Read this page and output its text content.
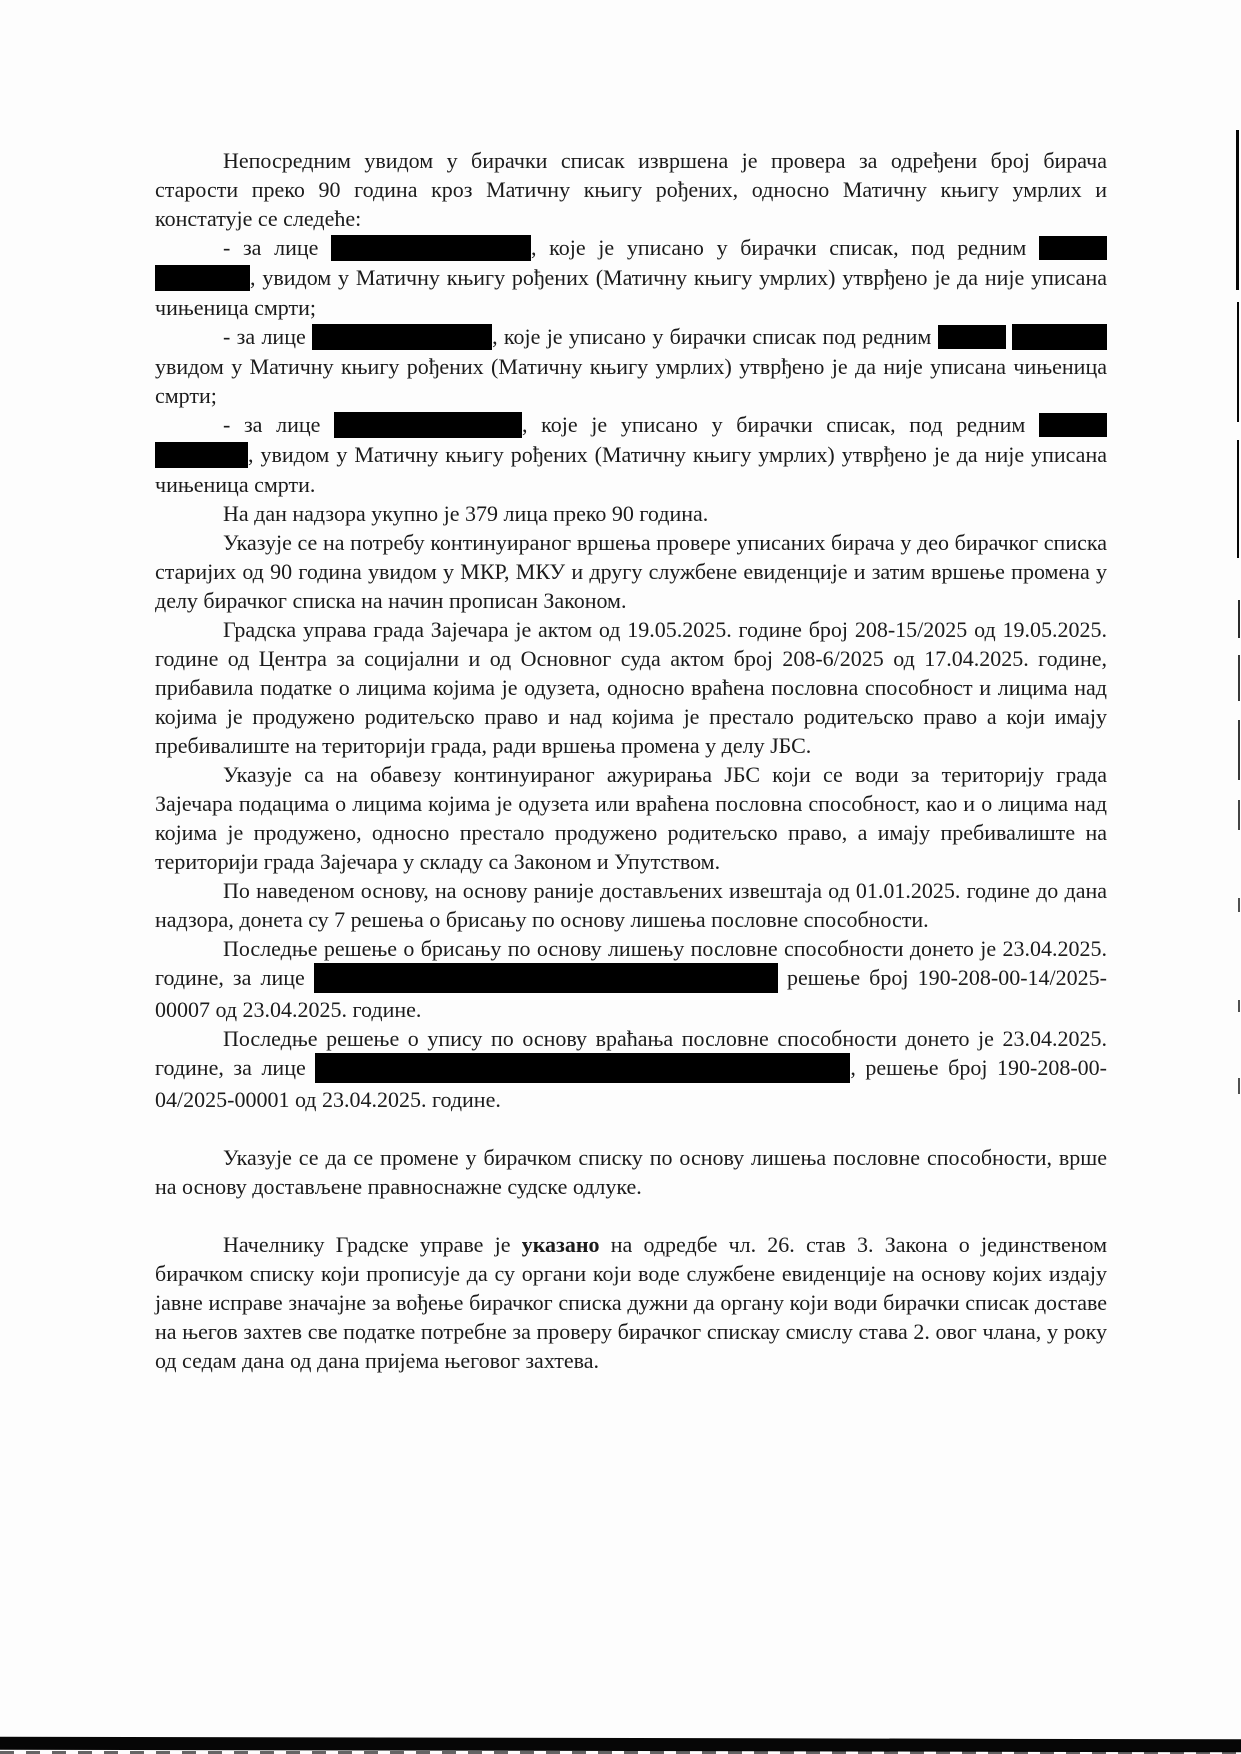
Непосредним увидом у бирачки списак извршена је провера за одређени број бирача старости преко 90 година кроз Матичну књигу рођених, односно Матичну књигу умрлих и констатује се следеће:

- за лице	, које је уписано у бирачки списак, под редним  , увидом у Матичну књигу рођених (Матичну књигу умрлих) утврђено је да није уписана чињеница смрти;

- за лице	, које је уписано у бирачки списак под редним   увидом у Матичну књигу рођених (Матичну књигу умрлих) утврђено је да није уписана чињеница смрти;

- за лице	, које је уписано у бирачки списак, под редним  , увидом у Матичну књигу рођених (Матичну књигу умрлих) утврђено је да није уписана чињеница смрти.

На дан надзора укупно је 379 лица преко 90 година.

Указује се на потребу континуираног вршења провере уписаних бирача у део бирачког списка старијих од 90 година увидом у МКР, МКУ и другу службене евиденције и затим вршење промена у делу бирачког списка на начин прописан Законом.

Градска управа града Зајечара је актом од 19.05.2025. године број 208-15/2025 од 19.05.2025. године од Центра за социјални и од Основног суда актом број 208-6/2025 од 17.04.2025. године, прибавила податке о лицима којима је одузета, односно враћена пословна способност и лицима над којима је продужено родитељско право и над којима је престало родитељско право а који имају пребивалиште на територији града, ради вршења промена у делу ЈБС.

Указује са на обавезу континуираног ажурирања ЈБС који се води за територију града Зајечара подацима о лицима којима је одузета или враћена пословна способност, као и о лицима над којима је продужено, односно престало продужено родитељско право, а имају пребивалиште на територији града Зајечара у складу са Законом и Упутством.

По наведеном основу, на основу раније достављених извештаја од 01.01.2025. године до дана надзора, донета су 7 решења о брисању по основу лишења пословне способности.

Последње решење о брисању по основу лишењу пословне способности донето је 23.04.2025. године, за лице	решење број 190-208-00-14/2025-00007 од 23.04.2025. године.

Последње решење о упису по основу враћања пословне способности донето је 23.04.2025. године, за лице	, решење број 190-208-00-04/2025-00001 од 23.04.2025. године.

Указује се да се промене у бирачком списку по основу лишења пословне способности, врше на основу достављене правноснажне судске одлуке.

Начелнику Градске управе је указано на одредбе чл. 26. став 3. Закона о јединственом бирачком списку који прописује да су органи који воде службене евиденције на основу којих издају јавне исправе значајне за вођење бирачког списка дужни да органу који води бирачки списак доставе на његов захтев све податке потребне за проверу бирачког спискау смислу става 2. овог члана, у року од седам дана од дана пријема његовог захтева.
